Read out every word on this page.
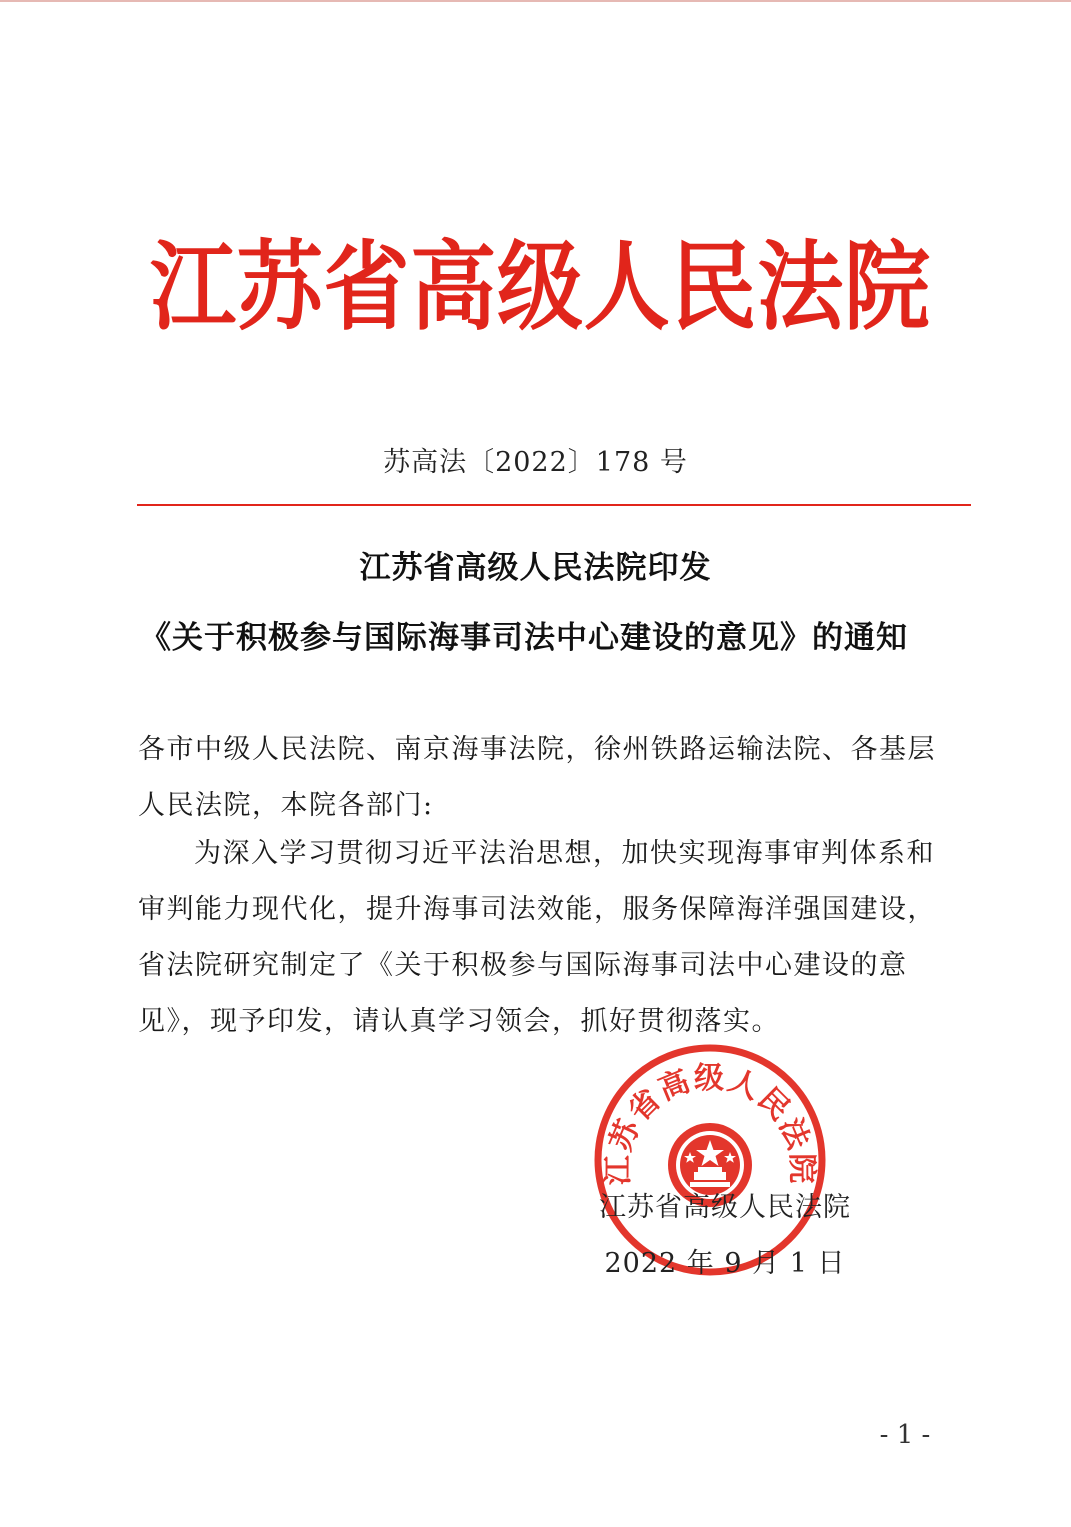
江 苏 省 高 级 人 民 法 院
苏高法〔2022〕178 号
江苏省高级人民法院印发
《关于积极参与国际海事司法中心建设的意见》的通知
各市中级人民法院、南京海事法院，徐州铁路运输法院、各基层人民法院，本院各部门:
为深入学习贯彻习近平法治思想，加快实现海事审判体系和审判能力现代化，提升海事司法效能，服务保障海洋强国建设，省法院研究制定了《关于积极参与国际海事司法中心建设的意见》，现予印发，请认真学习领会，抓好贯彻落实。
江苏省高级人民法院
江苏省高级人民法院
2022 年 9 月 1 日
- 1 -
